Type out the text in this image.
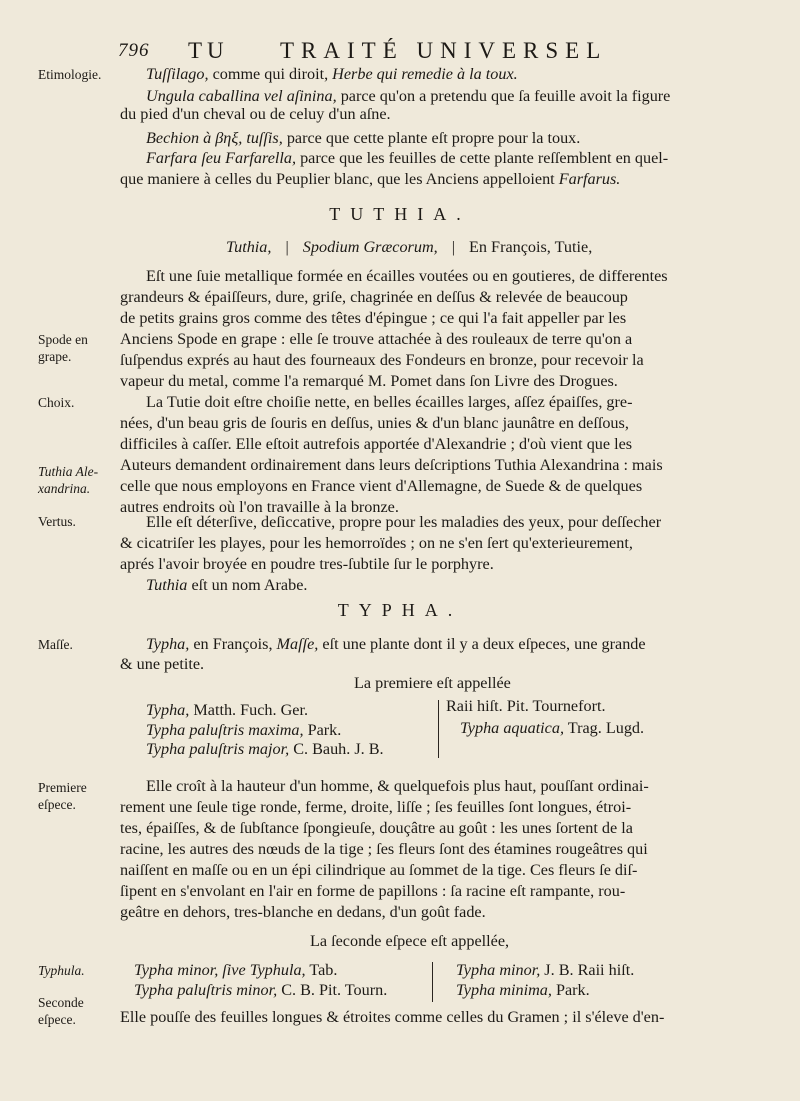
796 TU TRAITÉ UNIVERSEL
Etimologie.
Spode en
grape.
Choix.
Tuthia Ale-
xandrina.
Vertus.
Maſſe.
Premiere
eſpece.
Typhula.
Seconde
eſpece.
Tuſſilago, comme qui diroit, Herbe qui remedie à la toux.
Ungula caballina vel aſinina, parce qu'on a pretendu que ſa feuille avoit la figure
du pied d'un cheval ou de celuy d'un aſne.
Bechion à βηξ, tuſſis, parce que cette plante eſt propre pour la toux.
Farfara ſeu Farfarella, parce que les feuilles de cette plante reſſemblent en quel-
que maniere à celles du Peuplier blanc, que les Anciens appelloient Farfarus.
TUTHIA.
Tuthia, | Spodium Græcorum, | En François, Tutie,
Eſt une ſuie metallique formée en écailles voutées ou en goutieres, de differentes
grandeurs & épaiſſeurs, dure, griſe, chagrinée en deſſus & relevée de beaucoup
de petits grains gros comme des têtes d'épingue ; ce qui l'a fait appeller par les
Anciens Spode en grape : elle ſe trouve attachée à des rouleaux de terre qu'on a
ſuſpendus exprés au haut des fourneaux des Fondeurs en bronze, pour recevoir la
vapeur du metal, comme l'a remarqué M. Pomet dans ſon Livre des Drogues.
La Tutie doit eſtre choiſie nette, en belles écailles larges, aſſez épaiſſes, gre-
nées, d'un beau gris de ſouris en deſſus, unies & d'un blanc jaunâtre en deſſous,
difficiles à caſſer. Elle eſtoit autrefois apportée d'Alexandrie ; d'où vient que les
Auteurs demandent ordinairement dans leurs deſcriptions Tuthia Alexandrina : mais
celle que nous employons en France vient d'Allemagne, de Suede & de quelques
autres endroits où l'on travaille à la bronze.
Elle eſt déterſive, deſiccative, propre pour les maladies des yeux, pour deſſecher
& cicatriſer les playes, pour les hemorroïdes ; on ne s'en ſert qu'exterieurement,
aprés l'avoir broyée en poudre tres-ſubtile ſur le porphyre.
Tuthia eſt un nom Arabe.
TYPHA.
Typha, en François, Maſſe, eſt une plante dont il y a deux eſpeces, une grande
& une petite.
La premiere eſt appellée
Typha, Matth. Fuch. Ger.
Typha paluſtris maxima, Park.
Typha paluſtris major, C. Bauh. J. B.
Raii hiſt. Pit. Tournefort.
Typha aquatica, Trag. Lugd.
Elle croît à la hauteur d'un homme, & quelquefois plus haut, pouſſant ordinai-
rement une ſeule tige ronde, ferme, droite, liſſe ; ſes feuilles ſont longues, étroi-
tes, épaiſſes, & de ſubſtance ſpongieuſe, douçâtre au goût : les unes ſortent de la
racine, les autres des nœuds de la tige ; ſes fleurs ſont des étamines rougeâtres qui
naiſſent en maſſe ou en un épi cilindrique au ſommet de la tige. Ces fleurs ſe diſ-
ſipent en s'envolant en l'air en forme de papillons : ſa racine eſt rampante, rou-
geâtre en dehors, tres-blanche en dedans, d'un goût fade.
La ſeconde eſpece eſt appellée,
Typha minor, ſive Typhula, Tab.
Typha paluſtris minor, C. B. Pit. Tourn.
Typha minor, J. B. Raii hiſt.
Typha minima, Park.
Elle pouſſe des feuilles longues & étroites comme celles du Gramen ; il s'éleve d'en-
